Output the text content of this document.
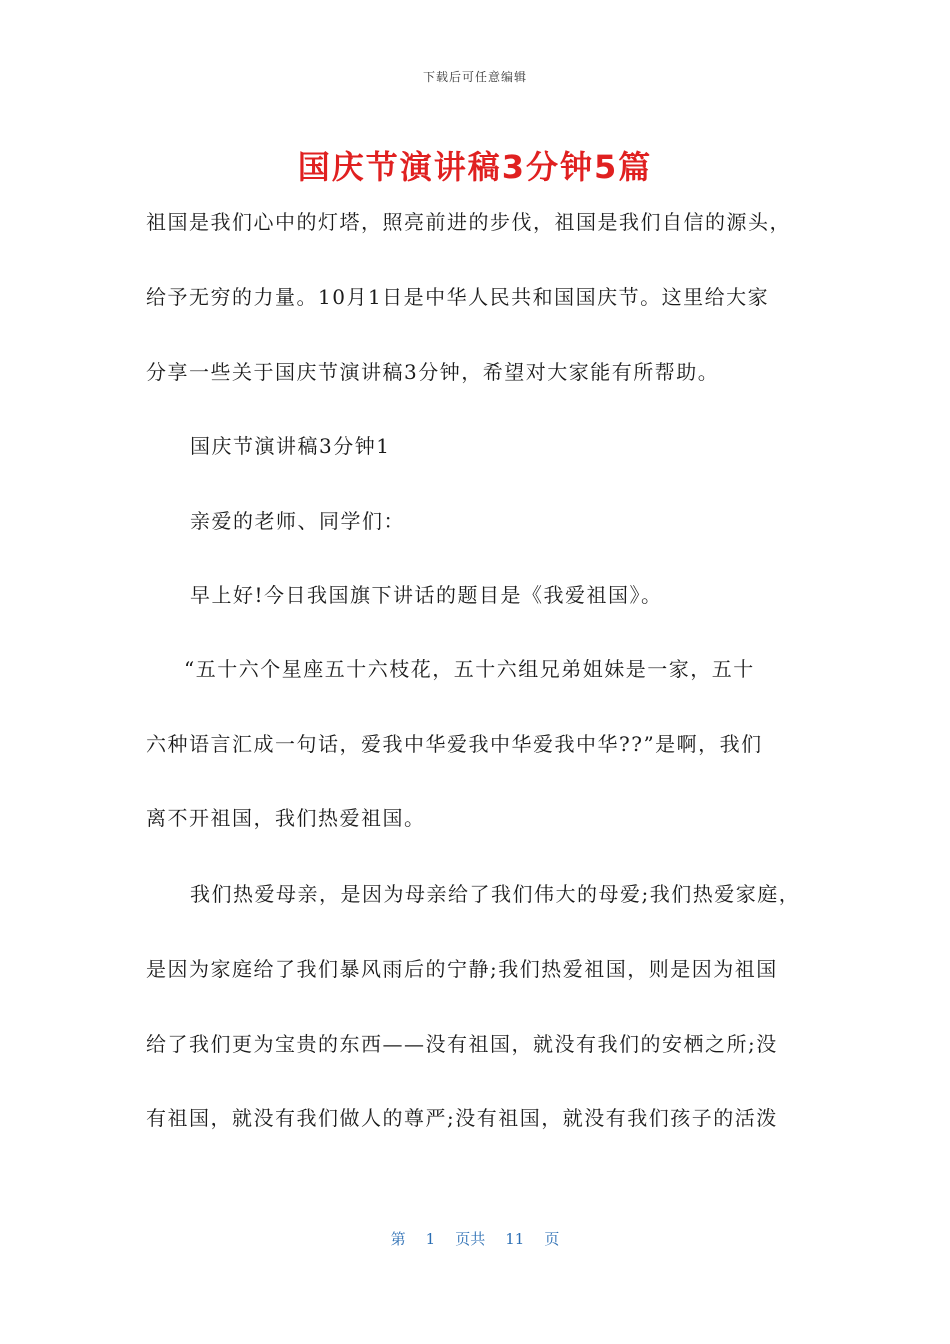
下载后可任意编辑
国庆节演讲稿3分钟5篇
祖国是我们心中的灯塔，照亮前进的步伐，祖国是我们自信的源头，
给予无穷的力量。10月1日是中华人民共和国国庆节。这里给大家
分享一些关于国庆节演讲稿3分钟，希望对大家能有所帮助。
国庆节演讲稿3分钟1
亲爱的老师、同学们：
早上好!今日我国旗下讲话的题目是《我爱祖国》。
“五十六个星座五十六枝花，五十六组兄弟姐妹是一家，五十
六种语言汇成一句话，爱我中华爱我中华爱我中华??”是啊，我们
离不开祖国，我们热爱祖国。
我们热爱母亲，是因为母亲给了我们伟大的母爱;我们热爱家庭，
是因为家庭给了我们暴风雨后的宁静;我们热爱祖国，则是因为祖国
给了我们更为宝贵的东西——没有祖国，就没有我们的安栖之所;没
有祖国，就没有我们做人的尊严;没有祖国，就没有我们孩子的活泼
第 1 页共 11 页
